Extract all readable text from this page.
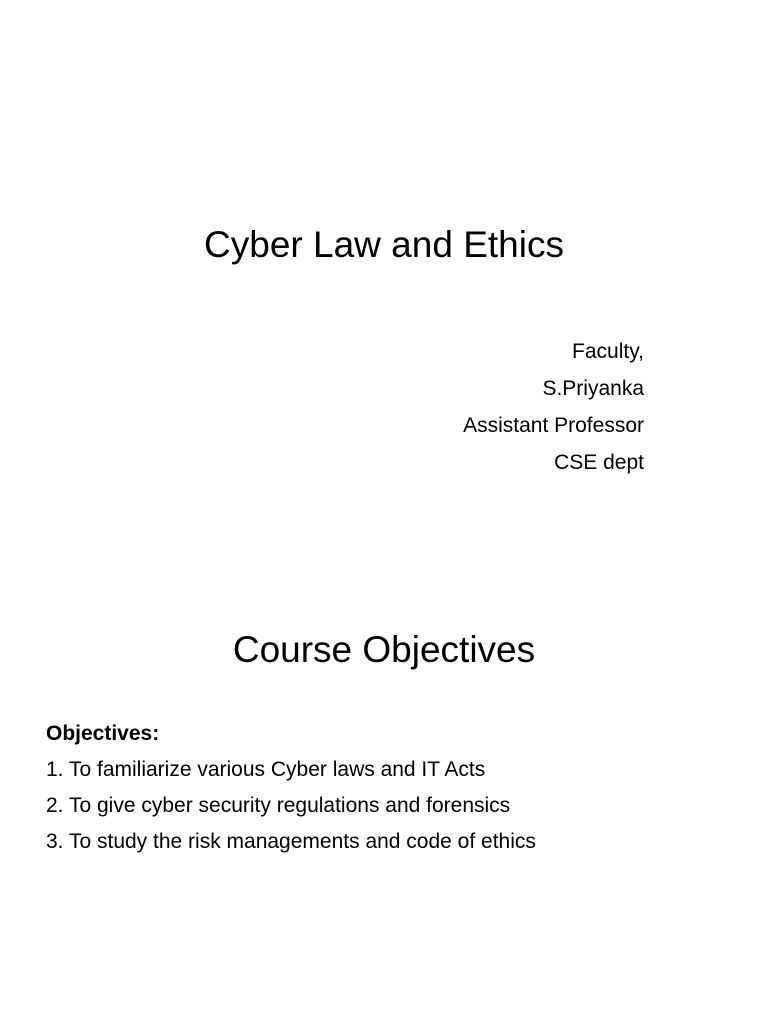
Cyber Law and Ethics
Faculty,
S.Priyanka
Assistant Professor
CSE dept
Course Objectives
Objectives:
1. To familiarize various Cyber laws and IT Acts
2. To give cyber security regulations and forensics
3. To study the risk managements and code of ethics
